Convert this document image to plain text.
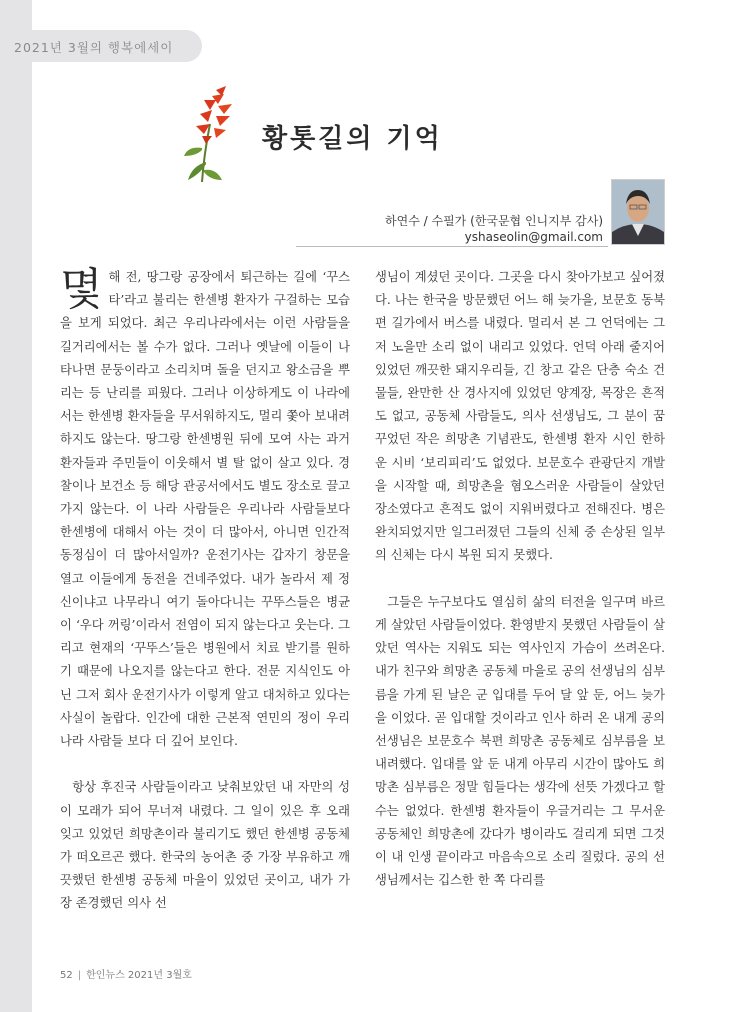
2021년 3월의 행복에세이
황톳길의 기억
하연수 / 수필가 (한국문협 인니지부 감사)
yshaseolin@gmail.com

몇해 전, 땅그랑 공장에서 퇴근하는 길에 ‘꾸스타’라고 불리는 한센병 환자가 구걸하는 모습을 보게 되었다. 최근 우리나라에서는 이런 사람들을 길거리에서는 볼 수가 없다. 그러나 옛날에 이들이 나타나면 문둥이라고 소리치며 돌을 던지고 왕소금을 뿌리는 등 난리를 피웠다. 그러나 이상하게도 이 나라에서는 한센병 환자들을 무서워하지도, 멀리 쫓아 보내려하지도 않는다. 땅그랑 한센병원 뒤에 모여 사는 과거환자들과 주민들이 이웃해서 별 탈 없이 살고 있다. 경찰이나 보건소 등 해당 관공서에서도 별도 장소로 끌고 가지 않는다. 이 나라 사람들은 우리나라 사람들보다 한센병에 대해서 아는 것이 더 많아서, 아니면 인간적 동정심이 더 많아서일까? 운전기사는 갑자기 창문을 열고 이들에게 동전을 건네주었다. 내가 놀라서 제 정신이냐고 나무라니 여기 돌아다니는 꾸뚜스들은 병균이 ‘우다 꺼링’이라서 전염이 되지 않는다고 웃는다. 그리고 현재의 ‘꾸뚜스’들은 병원에서 치료 받기를 원하기 때문에 나오지를 않는다고 한다. 전문 지식인도 아닌 그저 회사 운전기사가 이렇게 알고 대처하고 있다는 사실이 놀랍다. 인간에 대한 근본적 연민의 정이 우리나라 사람들 보다 더 깊어 보인다.

항상 후진국 사람들이라고 낮춰보았던 내 자만의 성이 모래가 되어 무너져 내렸다. 그 일이 있은 후 오래 잊고 있었던 희망촌이라 불리기도 했던 한센병 공동체가 떠오르곤 했다. 한국의 농어촌 중 가장 부유하고 깨끗했던 한센병 공동체 마을이 있었던 곳이고, 내가 가장 존경했던 의사 선

생님이 계셨던 곳이다. 그곳을 다시 찾아가보고 싶어졌다. 나는 한국을 방문했던 어느 해 늦가을, 보문호 동북 편 길가에서 버스를 내렸다. 멀리서 본 그 언덕에는 그저 노을만 소리 없이 내리고 있었다. 언덕 아래 줄지어 있었던 깨끗한 돼지우리들, 긴 창고 같은 단층 숙소 건물들, 완만한 산 경사지에 있었던 양계장, 목장은 흔적도 없고, 공동체 사람들도, 의사 선생님도, 그 분이 꿈꾸었던 작은 희망촌 기념관도, 한센병 환자 시인 한하운 시비 ‘보리피리’도 없었다. 보문호수 관광단지 개발을 시작할 때, 희망촌을 혐오스러운 사람들이 살았던 장소였다고 흔적도 없이 지워버렸다고 전해진다. 병은 완치되었지만 일그러졌던 그들의 신체 중 손상된 일부의 신체는 다시 복원 되지 못했다.

그들은 누구보다도 열심히 삶의 터전을 일구며 바르게 살았던 사람들이었다. 환영받지 못했던 사람들이 살았던 역사는 지워도 되는 역사인지 가슴이 쓰려온다. 내가 친구와 희망촌 공동체 마을로 공의 선생님의 심부름을 가게 된 날은 군 입대를 두어 달 앞 둔, 어느 늦가을 이었다. 곧 입대할 것이라고 인사 하러 온 내게 공의 선생님은 보문호수 북편 희망촌 공동체로 심부름을 보내려했다. 입대를 앞 둔 내게 아무리 시간이 많아도 희망촌 심부름은 정말 힘들다는 생각에 선뜻 가겠다고 할 수는 없었다. 한센병 환자들이 우글거리는 그 무서운 공동체인 희망촌에 갔다가 병이라도 걸리게 되면 그것이 내 인생 끝이라고 마음속으로 소리 질렀다. 공의 선생님께서는 깁스한 한 쪽 다리를

52 | 한인뉴스 2021년 3월호
